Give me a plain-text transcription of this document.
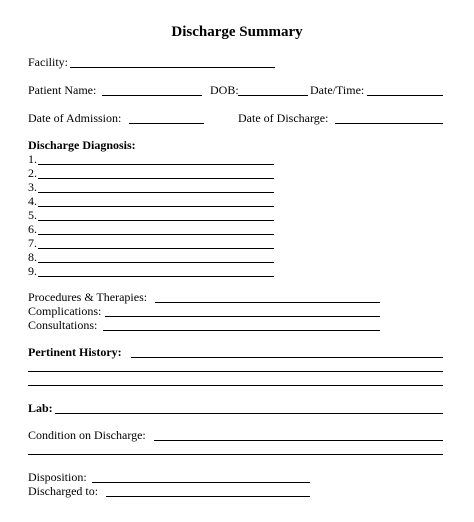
Discharge Summary
Facility:
Patient Name:	DOB:	Date/Time:
Date of Admission:	Date of Discharge:
Discharge Diagnosis:
1.
2.
3.
4.
5.
6.
7.
8.
9.
Procedures & Therapies:
Complications:
Consultations:
Pertinent History:
Lab:
Condition on Discharge:
Disposition:
Discharged to:
